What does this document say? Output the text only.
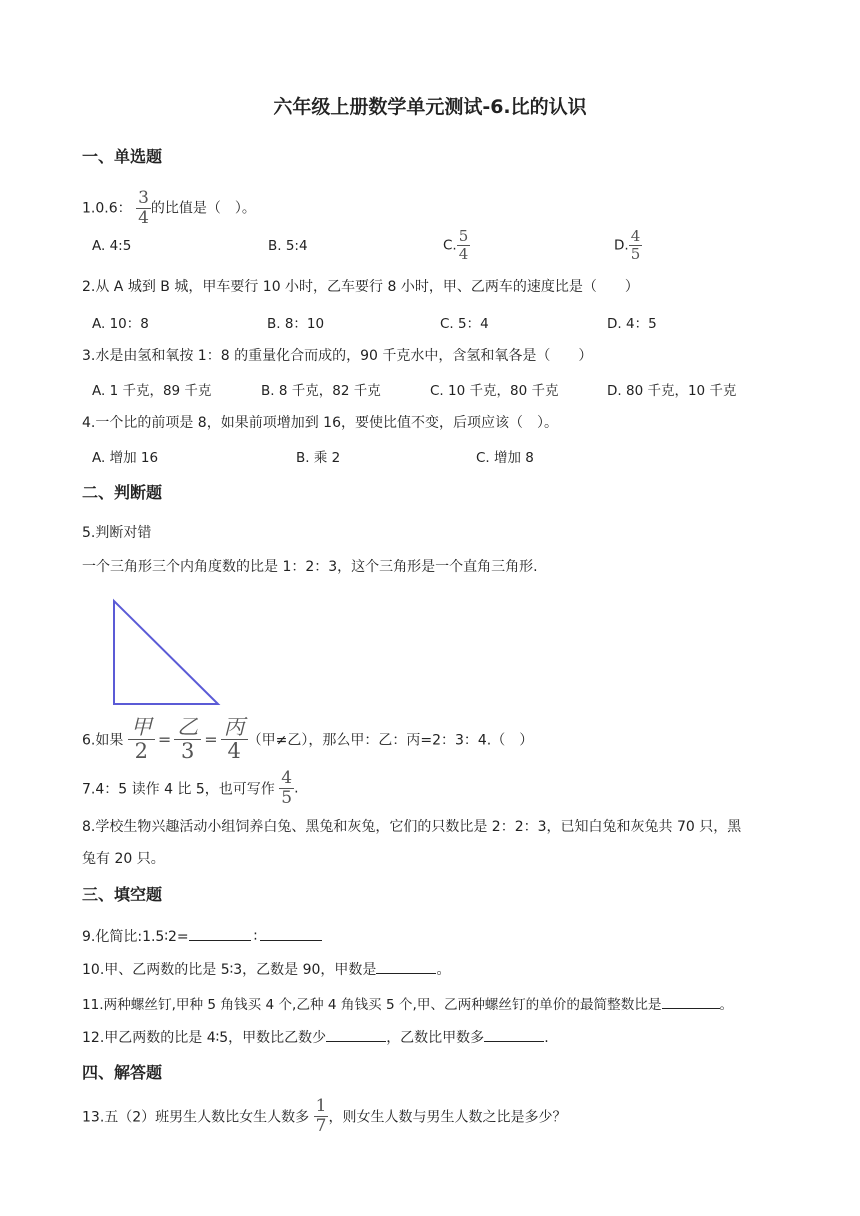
六年级上册数学单元测试-6.比的认识
一、单选题
1.0.6： $\frac{3}{4}$ 的比值是（　）。
A. 4:5	B. 5:4	C. $\frac{5}{4}$	D. $\frac{4}{5}$
2.从 A 城到 B 城，甲车要行 10 小时，乙车要行 8 小时，甲、乙两车的速度比是（　　）
A. 10：8	B. 8：10	C. 5：4	D. 4：5
3.水是由氢和氧按 1：8 的重量化合而成的，90 千克水中，含氢和氧各是（　　）
A. 1 千克，89 千克	B. 8 千克，82 千克	C. 10 千克，80 千克	D. 80 千克，10 千克
4.一个比的前项是 8，如果前项增加到 16，要使比值不变，后项应该（　）。
A. 增加 16	B. 乘 2	C. 增加 8
二、判断题
5.判断对错
一个三角形三个内角度数的比是 1：2：3，这个三角形是一个直角三角形.
6.如果 $\frac{\text{甲}}{2} = \frac{\text{乙}}{3} = \frac{\text{丙}}{4}$ （甲≠乙），那么甲：乙：丙=2：3：4.（　）
7.4：5 读作 4 比 5，也可写作 $\frac{4}{5}$ .
8.学校生物兴趣活动小组饲养白兔、黑兔和灰兔，它们的只数比是 2：2：3，已知白兔和灰兔共 70 只，黑
兔有 20 只。
三、填空题
9.化简比:1.5∶2=	∶
10.甲、乙两数的比是 5∶3，乙数是 90，甲数是	。
11.两种螺丝钉,甲种 5 角钱买 4 个,乙种 4 角钱买 5 个,甲、乙两种螺丝钉的单价的最简整数比是	。
12.甲乙两数的比是 4∶5，甲数比乙数少	，乙数比甲数多	.
四、解答题
13.五（2）班男生人数比女生人数多 $\frac{1}{7}$ ，则女生人数与男生人数之比是多少？
